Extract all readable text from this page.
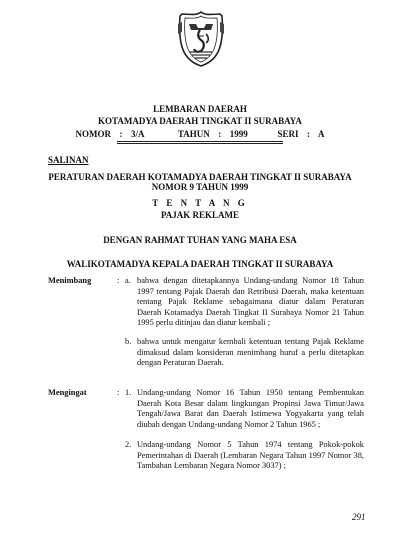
LEMBARAN DAERAH
KOTAMADYA DAERAH TINGKAT II SURABAYA
NOMOR  :  3/A        TAHUN  :  1999       SERI  :  A
SALINAN
PERATURAN DAERAH KOTAMADYA DAERAH TINGKAT II SURABAYA
NOMOR 9 TAHUN 1999
T E N T A N G
PAJAK REKLAME
DENGAN RAHMAT TUHAN YANG MAHA ESA
WALIKOTAMADYA KEPALA DAERAH TINGKAT II SURABAYA
Menimbang	: a. bahwa dengan ditetapkannya Undang-undang Nomor 18 Tahun 1997 tentang Pajak Daerah dan Retribusi Daerah, maka ketentuan tentang Pajak Reklame sebagaimana diatur dalam Peraturan Daerah Kotamadya Daerah Tingkat II Surabaya Nomor 21 Tahun 1995 perlu ditinjau dan diatur kembali ;
b. bahwa untuk mengatur kembali ketentuan tentang Pajak Reklame dimaksud dalam konsideran menimbang huruf a perlu ditetapkan dengan Peraturan Daerah.
Mengingat	: 1. Undang-undang Nomor 16 Tahun 1950 tentang Pembentukan Daerah Kota Besar dalam lingkungan Propinsi Jawa Timur/Jawa Tengah/Jawa Barat dan Daerah Istimewa Yogyakarta yang telah diubah dengan Undang-undang Nomor 2 Tahun 1965 ;
2. Undang-undang Nomor 5 Tahun 1974 tentang Pokok-pokok Pemerintahan di Daerah (Lembaran Negara Tahun 1997 Nomor 38, Tambahan Lembaran Negara Nomor 3037) ;
291
